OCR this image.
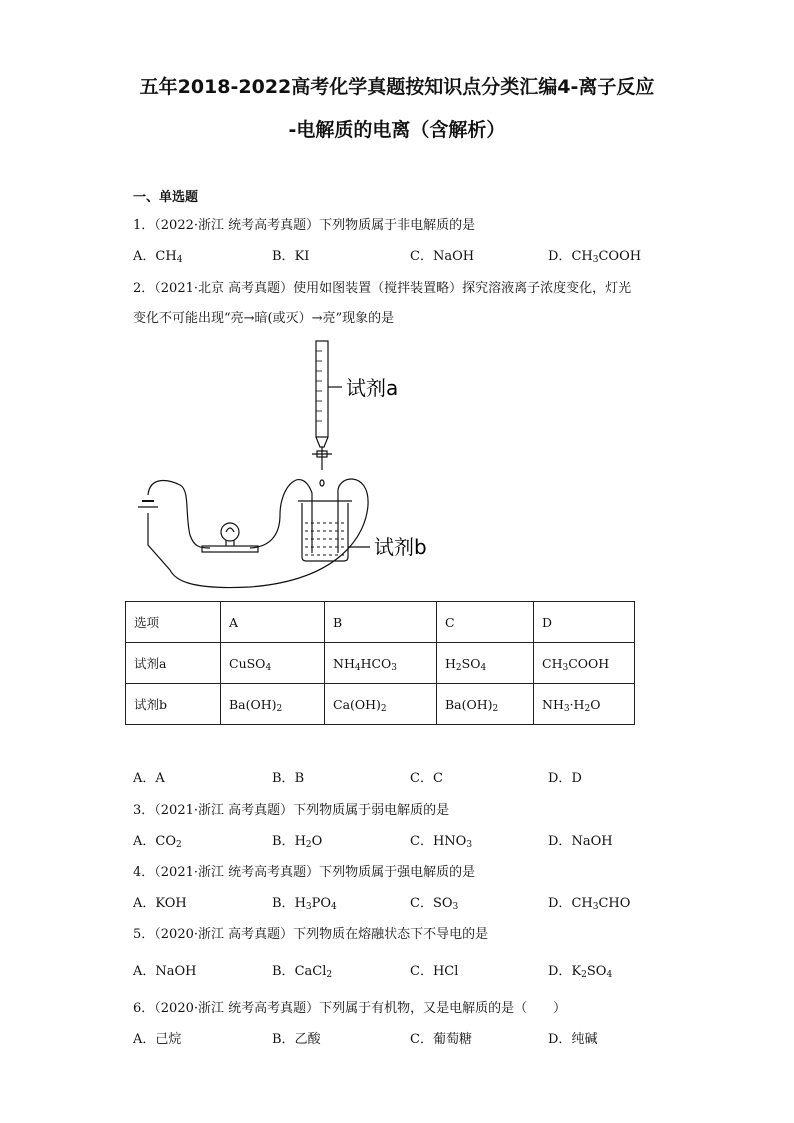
五年2018-2022高考化学真题按知识点分类汇编4-离子反应
-电解质的电离（含解析）
一、单选题
1．（2022·浙江 统考高考真题）下列物质属于非电解质的是
A．$CH_4$	B．KI	C．NaOH	D．$CH_3COOH$
2．（2021·北京 高考真题）使用如图装置（搅拌装置略）探究溶液离子浓度变化，灯光
变化不可能出现“亮→暗(或灭）→亮”现象的是
试剂a
试剂b
选项	A	B	C	D
试剂a	CuSO$_4$	$NH_4HCO_3$	$H_2SO_4$	$CH_3COOH$
试剂b	$Ba(OH)_2$	$Ca(OH)_2$	$Ba(OH)_2$	$NH_3\cdot H_2O$
A．A	B．B	C．C	D．D
3．（2021·浙江 高考真题）下列物质属于弱电解质的是
A．$CO_2$	B．$H_2O$	C．$HNO_3$	D．NaOH
4．（2021·浙江 统考高考真题）下列物质属于强电解质的是
A．KOH	B．$H_3PO_4$	C．$SO_3$	D．$CH_3CHO$
5．（2020·浙江 高考真题）下列物质在熔融状态下不导电的是
A．NaOH	B．CaCl$_2$	C．HCl	D．$K_2SO_4$
6．（2020·浙江 统考高考真题）下列属于有机物，又是电解质的是（　　）
A．己烷	B．乙酸	C．葡萄糖	D．纯碱
